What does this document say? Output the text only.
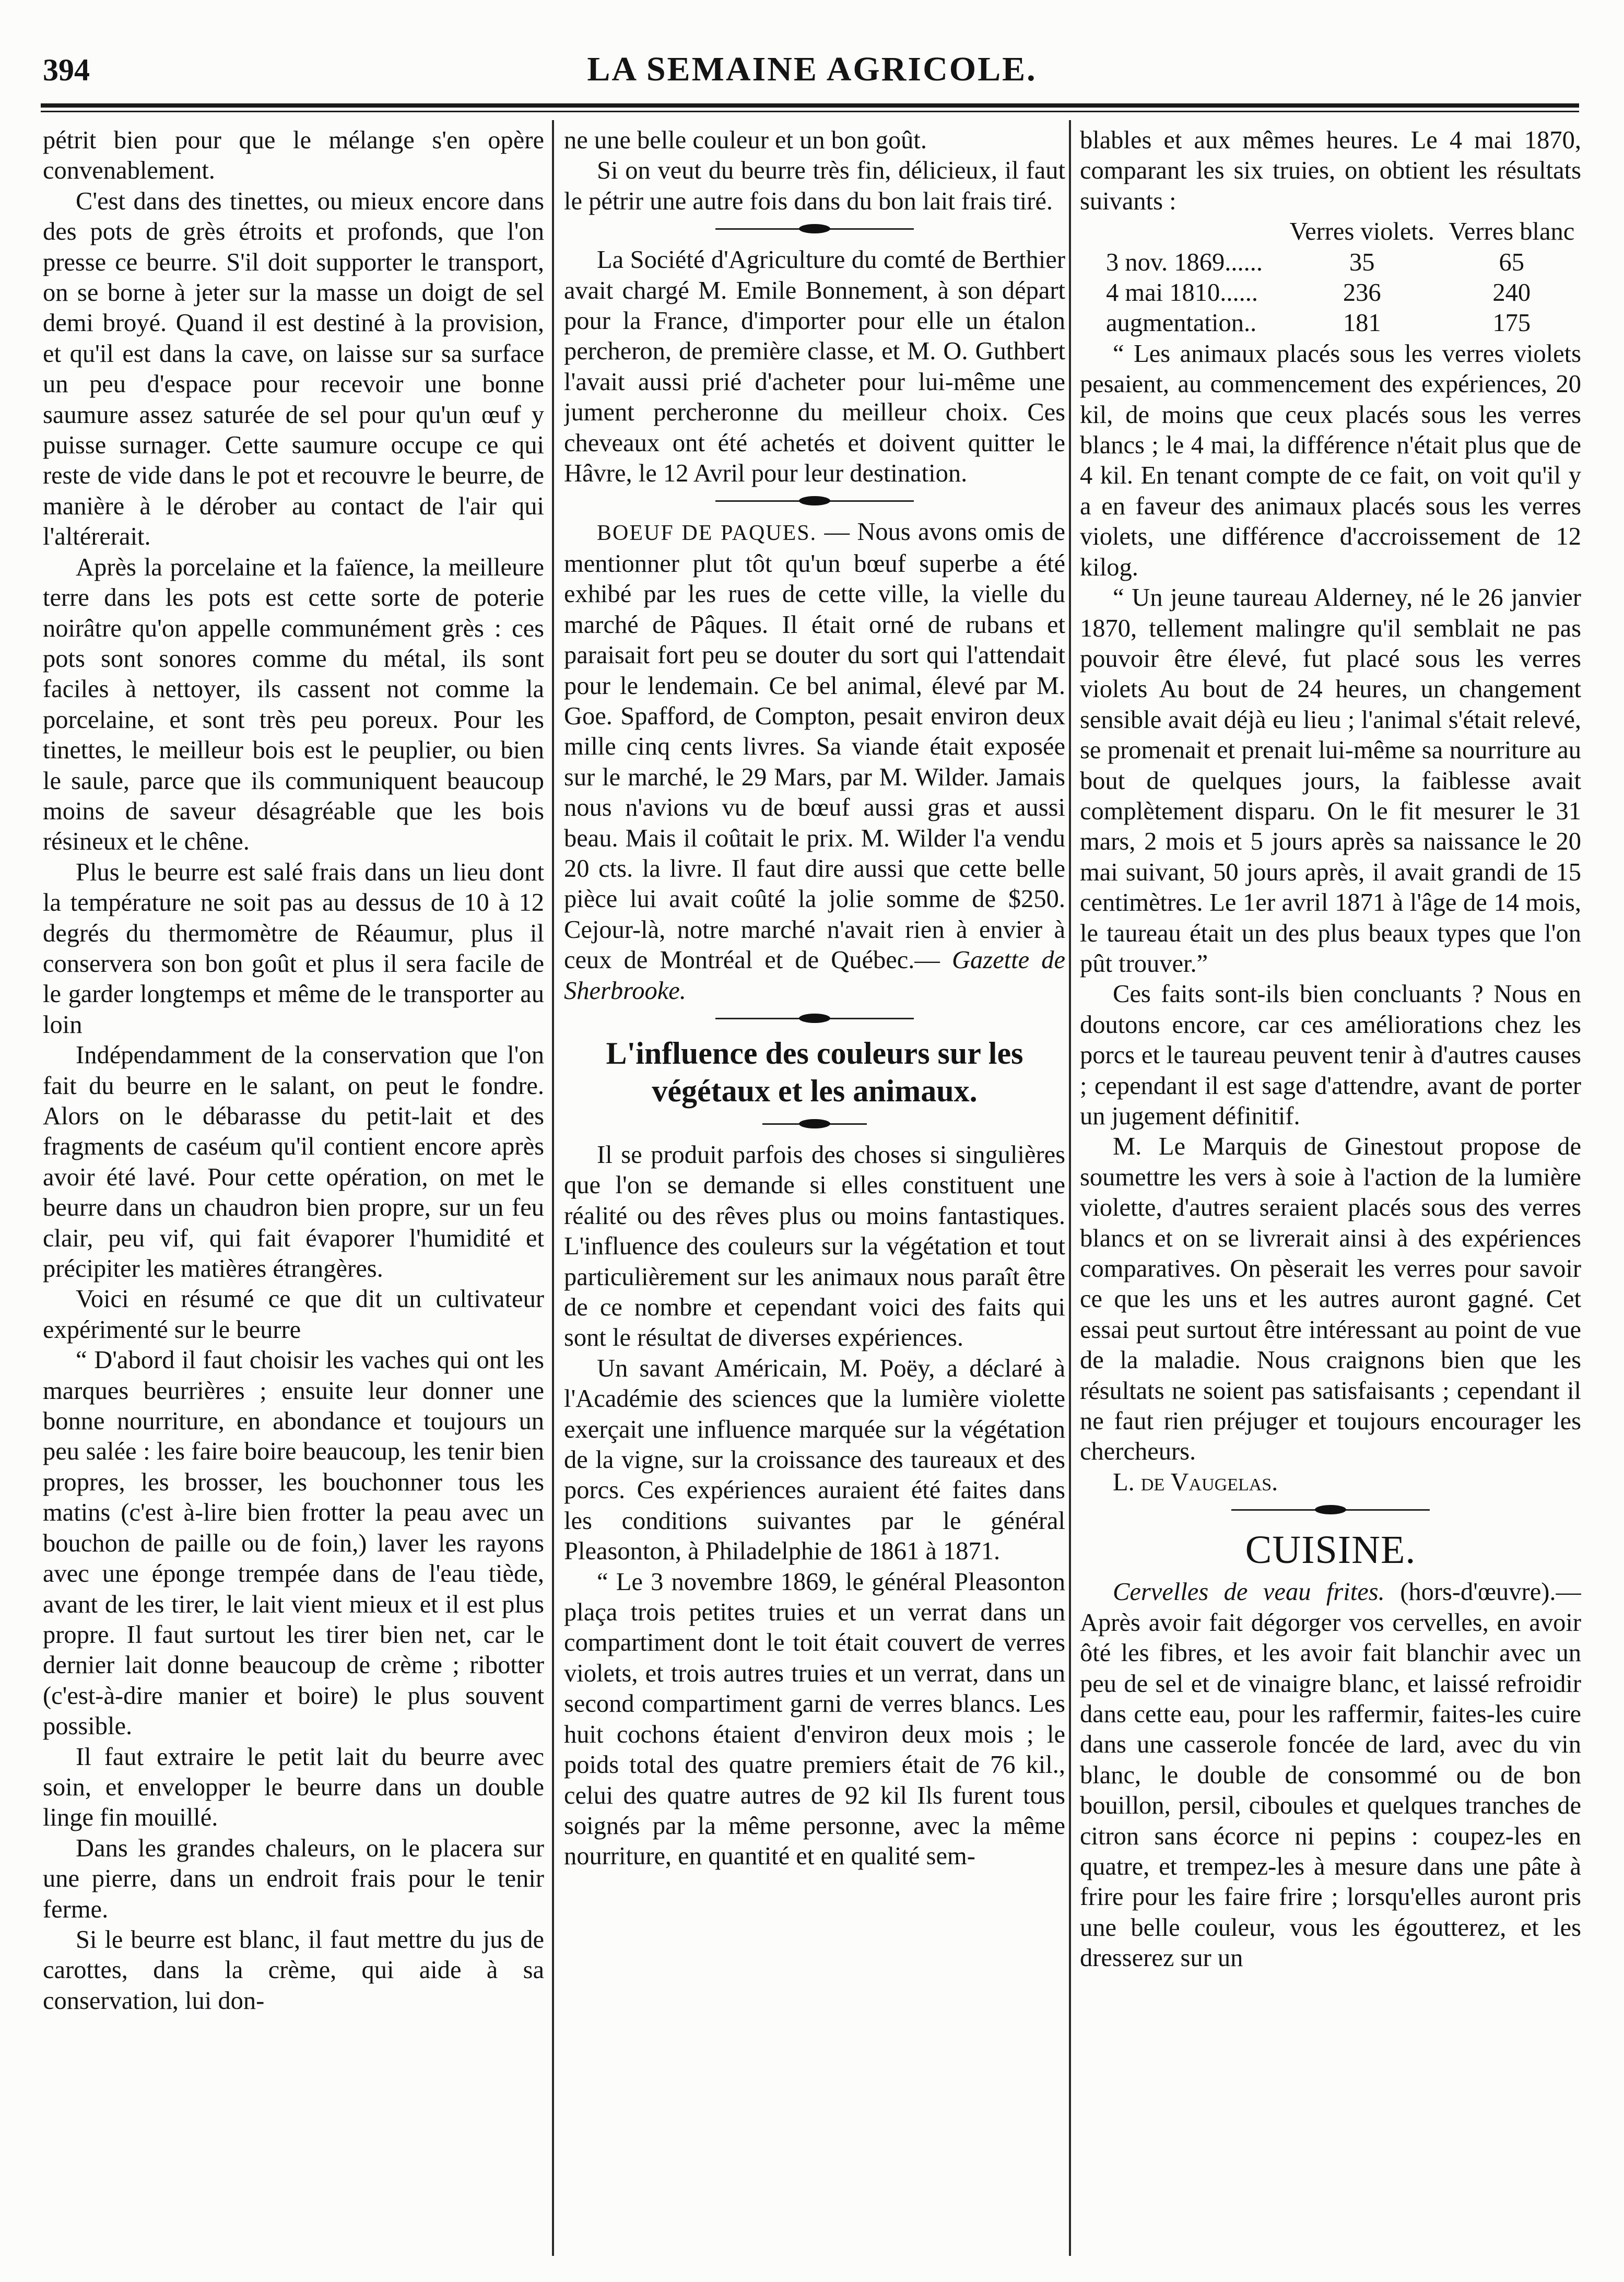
394	LA SEMAINE AGRICOLE.

pétrit bien pour que le mélange s'en opère convenablement.

C'est dans des tinettes, ou mieux encore dans des pots de grès étroits et profonds, que l'on presse ce beurre. S'il doit supporter le transport, on se borne à jeter sur la masse un doigt de sel demi broyé. Quand il est destiné à la provision, et qu'il est dans la cave, on laisse sur sa surface un peu d'espace pour recevoir une bonne saumure assez saturée de sel pour qu'un œuf y puisse surnager. Cette saumure occupe ce qui reste de vide dans le pot et recouvre le beurre, de manière à le dérober au contact de l'air qui l'altérerait.

Après la porcelaine et la faïence, la meilleure terre dans les pots est cette sorte de poterie noirâtre qu'on appelle communément grès : ces pots sont sonores comme du métal, ils sont faciles à nettoyer, ils cassent not comme la porcelaine, et sont très peu poreux. Pour les tinettes, le meilleur bois est le peuplier, ou bien le saule, parce que ils communiquent beaucoup moins de saveur désagréable que les bois résineux et le chêne.

Plus le beurre est salé frais dans un lieu dont la température ne soit pas au dessus de 10 à 12 degrés du thermomètre de Réaumur, plus il conservera son bon goût et plus il sera facile de le garder longtemps et même de le transporter au loin

Indépendamment de la conservation que l'on fait du beurre en le salant, on peut le fondre. Alors on le débarasse du petit-lait et des fragments de caséum qu'il contient encore après avoir été lavé. Pour cette opération, on met le beurre dans un chaudron bien propre, sur un feu clair, peu vif, qui fait évaporer l'humidité et précipiter les matières étrangères.

Voici en résumé ce que dit un cultivateur expérimenté sur le beurre

“ D'abord il faut choisir les vaches qui ont les marques beurrières ; ensuite leur donner une bonne nourriture, en abondance et toujours un peu salée : les faire boire beaucoup, les tenir bien propres, les brosser, les bouchonner tous les matins (c'est à-lire bien frotter la peau avec un bouchon de paille ou de foin,) laver les rayons avec une éponge trempée dans de l'eau tiède, avant de les tirer, le lait vient mieux et il est plus propre. Il faut surtout les tirer bien net, car le dernier lait donne beaucoup de crème ; ribotter (c'est-à-dire manier et boire) le plus souvent possible.

Il faut extraire le petit lait du beurre avec soin, et envelopper le beurre dans un double linge fin mouillé.

Dans les grandes chaleurs, on le placera sur une pierre, dans un endroit frais pour le tenir ferme.

Si le beurre est blanc, il faut mettre du jus de carottes, dans la crème, qui aide à sa conservation, lui don-

ne une belle couleur et un bon goût.

Si on veut du beurre très fin, délicieux, il faut le pétrir une autre fois dans du bon lait frais tiré.

La Société d'Agriculture du comté de Berthier avait chargé M. Emile Bonnement, à son départ pour la France, d'importer pour elle un étalon percheron, de première classe, et M. O. Guthbert l'avait aussi prié d'acheter pour lui-même une jument percheronne du meilleur choix. Ces cheveaux ont été achetés et doivent quitter le Hâvre, le 12 Avril pour leur destination.

BOEUF DE PAQUES. — Nous avons omis de mentionner plut tôt qu'un bœuf superbe a été exhibé par les rues de cette ville, la vielle du marché de Pâques. Il était orné de rubans et paraisait fort peu se douter du sort qui l'attendait pour le lendemain. Ce bel animal, élevé par M. Goe. Spafford, de Compton, pesait environ deux mille cinq cents livres. Sa viande était exposée sur le marché, le 29 Mars, par M. Wilder. Jamais nous n'avions vu de bœuf aussi gras et aussi beau. Mais il coûtait le prix. M. Wilder l'a vendu 20 cts. la livre. Il faut dire aussi que cette belle pièce lui avait coûté la jolie somme de $250. Cejour-là, notre marché n'avait rien à envier à ceux de Montréal et de Québec.— Gazette de Sherbrooke.

L'influence des couleurs sur les végétaux et les animaux.

Il se produit parfois des choses si singulières que l'on se demande si elles constituent une réalité ou des rêves plus ou moins fantastiques. L'influence des couleurs sur la végétation et tout particulièrement sur les animaux nous paraît être de ce nombre et cependant voici des faits qui sont le résultat de diverses expériences.

Un savant Américain, M. Poëy, a déclaré à l'Académie des sciences que la lumière violette exerçait une influence marquée sur la végétation de la vigne, sur la croissance des taureaux et des porcs. Ces expériences auraient été faites dans les conditions suivantes par le général Pleasonton, à Philadelphie de 1861 à 1871.

“ Le 3 novembre 1869, le général Pleasonton plaça trois petites truies et un verrat dans un compartiment dont le toit était couvert de verres violets, et trois autres truies et un verrat, dans un second compartiment garni de verres blancs. Les huit cochons étaient d'environ deux mois ; le poids total des quatre premiers était de 76 kil., celui des quatre autres de 92 kil Ils furent tous soignés par la même personne, avec la même nourriture, en quantité et en qualité sem-

blables et aux mêmes heures. Le 4 mai 1870, comparant les six truies, on obtient les résultats suivants :

	Verres violets.	Verres blanc
3 nov. 1869......	35	65
4 mai 1810......	236	240
augmentation..	181	175

“ Les animaux placés sous les verres violets pesaient, au commencement des expériences, 20 kil, de moins que ceux placés sous les verres blancs ; le 4 mai, la différence n'était plus que de 4 kil. En tenant compte de ce fait, on voit qu'il y a en faveur des animaux placés sous les verres violets, une différence d'accroissement de 12 kilog.

“ Un jeune taureau Alderney, né le 26 janvier 1870, tellement malingre qu'il semblait ne pas pouvoir être élevé, fut placé sous les verres violets Au bout de 24 heures, un changement sensible avait déjà eu lieu ; l'animal s'était relevé, se promenait et prenait lui-même sa nourriture au bout de quelques jours, la faiblesse avait complètement disparu. On le fit mesurer le 31 mars, 2 mois et 5 jours après sa naissance le 20 mai suivant, 50 jours après, il avait grandi de 15 centimètres. Le 1er avril 1871 à l'âge de 14 mois, le taureau était un des plus beaux types que l'on pût trouver.”

Ces faits sont-ils bien concluants ? Nous en doutons encore, car ces améliorations chez les porcs et le taureau peuvent tenir à d'autres causes ; cependant il est sage d'attendre, avant de porter un jugement définitif.

M. Le Marquis de Ginestout propose de soumettre les vers à soie à l'action de la lumière violette, d'autres seraient placés sous des verres blancs et on se livrerait ainsi à des expériences comparatives. On pèserait les verres pour savoir ce que les uns et les autres auront gagné. Cet essai peut surtout être intéressant au point de vue de la maladie. Nous craignons bien que les résultats ne soient pas satisfaisants ; cependant il ne faut rien préjuger et toujours encourager les chercheurs.

L. de Vaugelas.

CUISINE.

Cervelles de veau frites. (hors-d'œuvre).—Après avoir fait dégorger vos cervelles, en avoir ôté les fibres, et les avoir fait blanchir avec un peu de sel et de vinaigre blanc, et laissé refroidir dans cette eau, pour les raffermir, faites-les cuire dans une casserole foncée de lard, avec du vin blanc, le double de consommé ou de bon bouillon, persil, ciboules et quelques tranches de citron sans écorce ni pepins : coupez-les en quatre, et trempez-les à mesure dans une pâte à frire pour les faire frire ; lorsqu'elles auront pris une belle couleur, vous les égoutterez, et les dresserez sur un
